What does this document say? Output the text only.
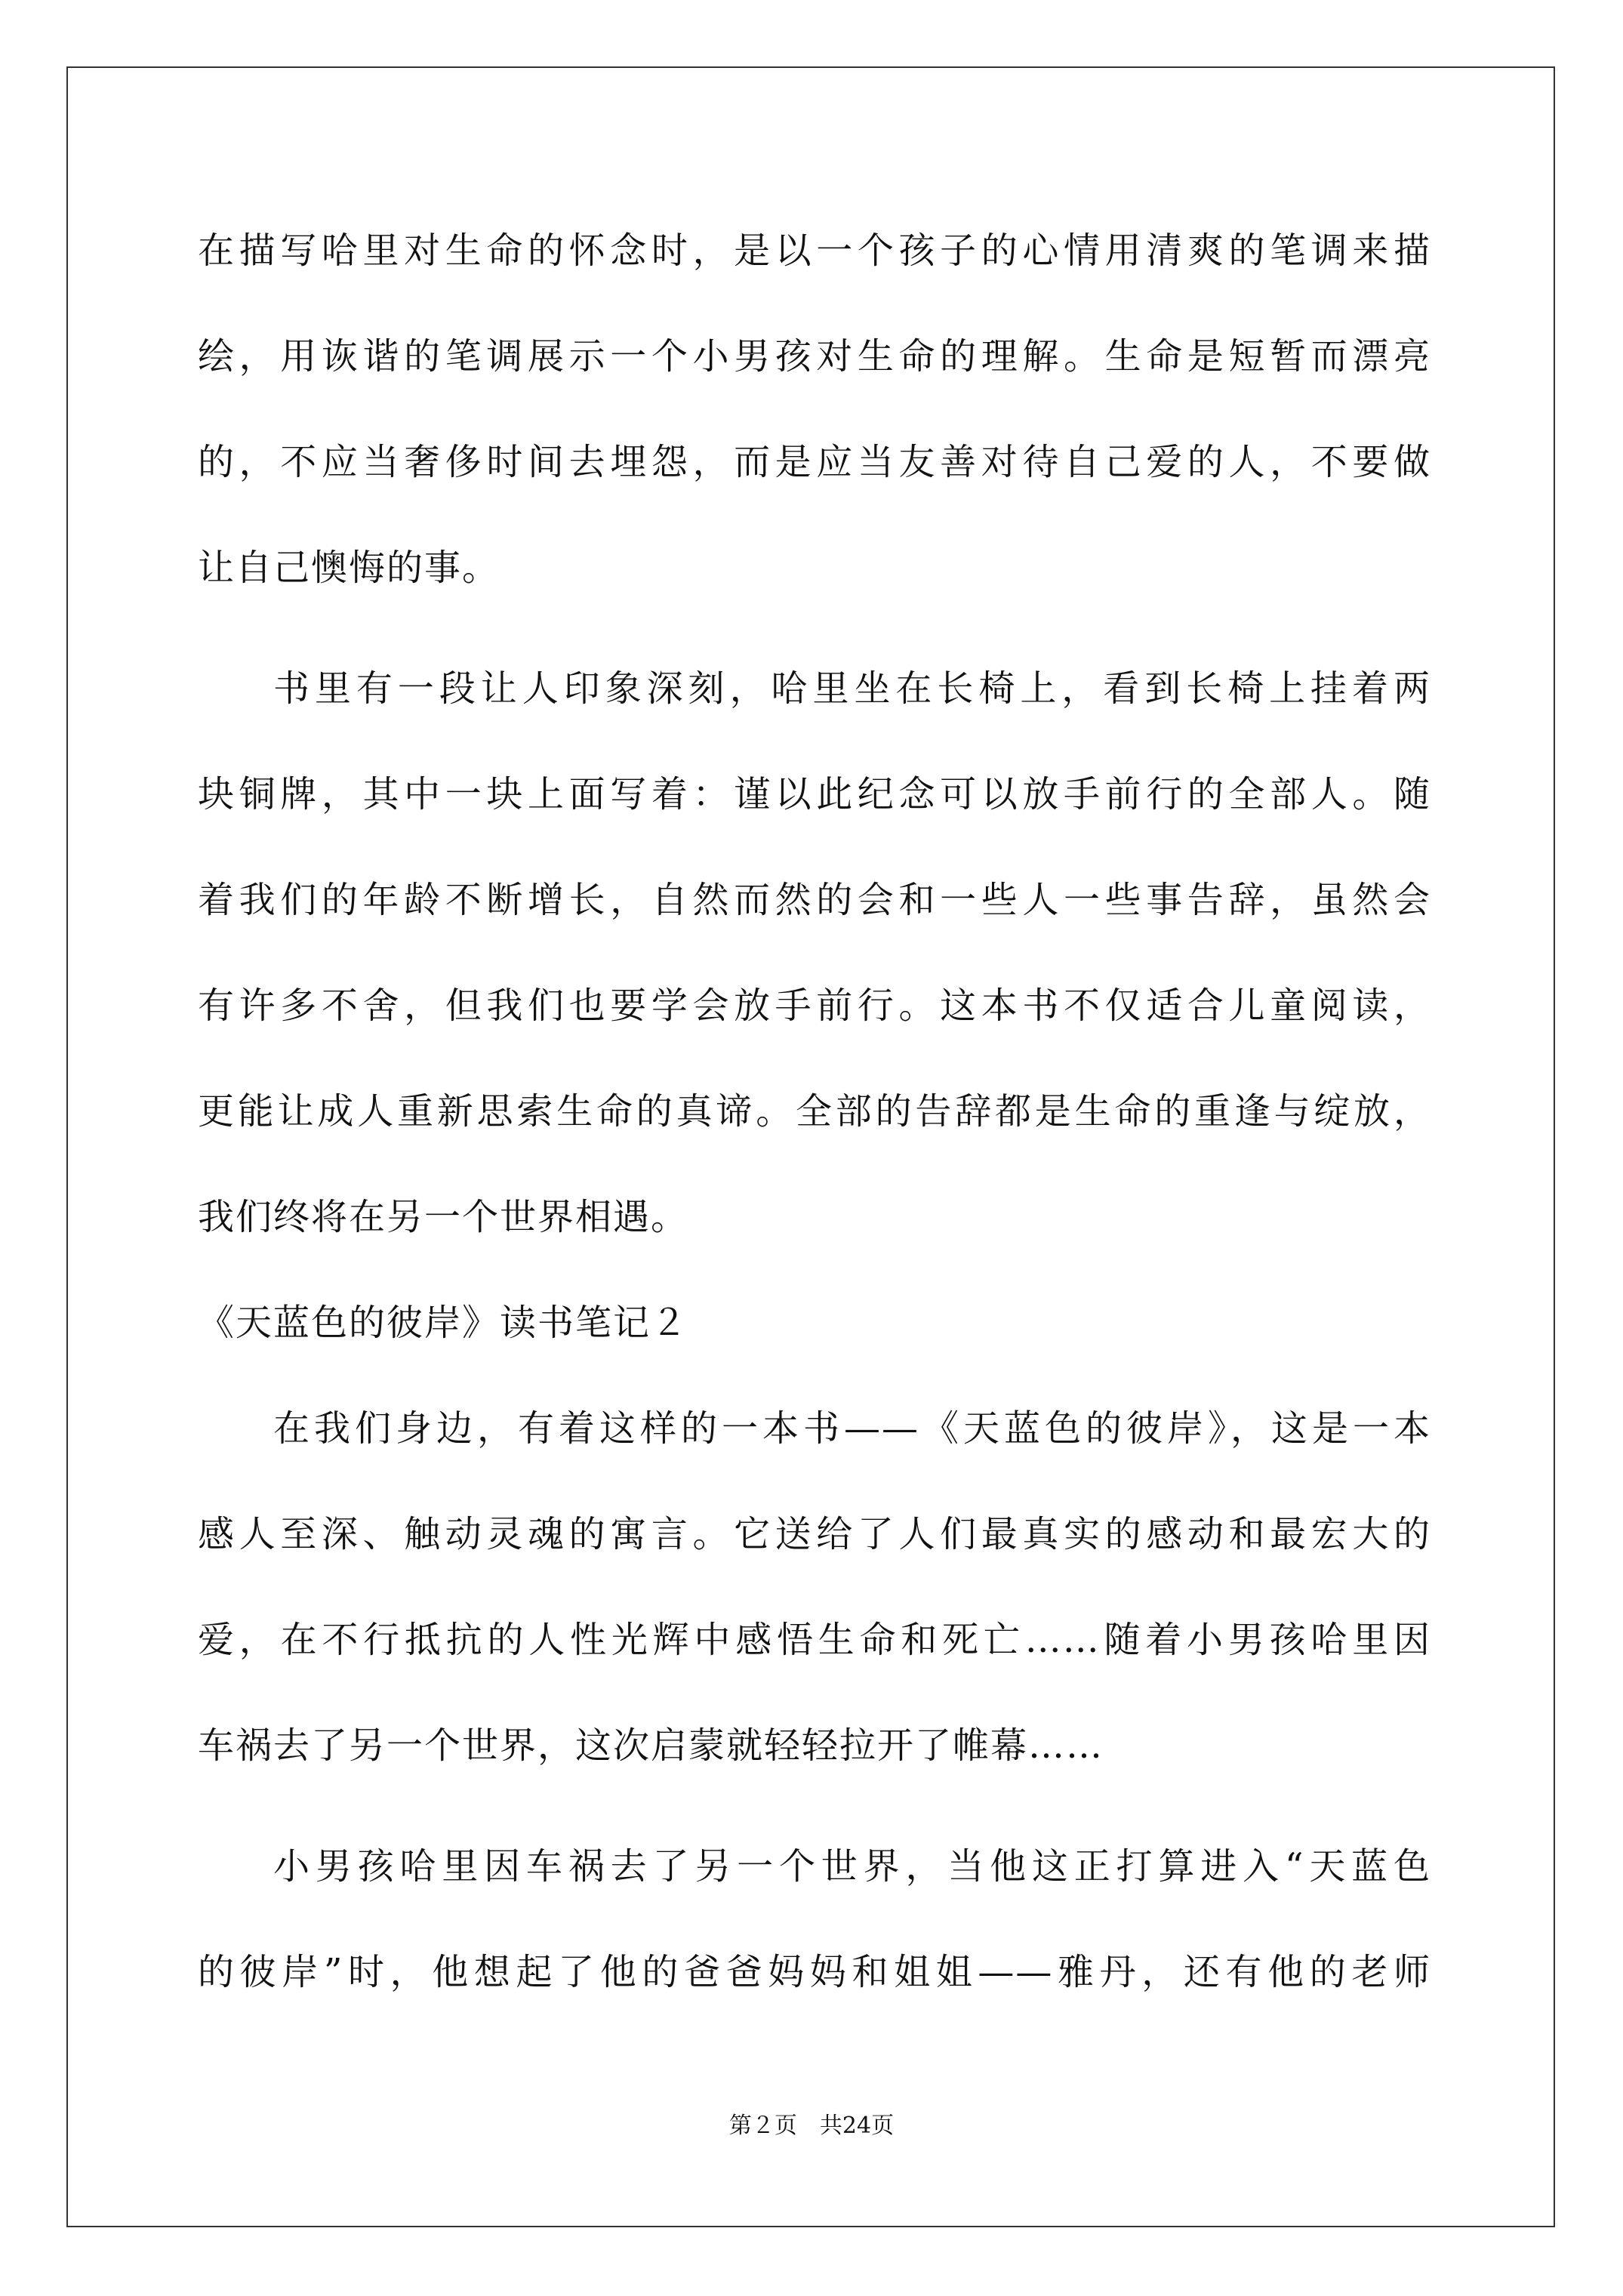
在描写哈里对生命的怀念时，是以一个孩子的心情用清爽的笔调来描
绘，用诙谐的笔调展示一个小男孩对生命的理解。生命是短暂而漂亮
的，不应当奢侈时间去埋怨，而是应当友善对待自己爱的人，不要做
让自己懊悔的事。
书里有一段让人印象深刻，哈里坐在长椅上，看到长椅上挂着两
块铜牌，其中一块上面写着：谨以此纪念可以放手前行的全部人。随
着我们的年龄不断增长，自然而然的会和一些人一些事告辞，虽然会
有许多不舍，但我们也要学会放手前行。这本书不仅适合儿童阅读，
更能让成人重新思索生命的真谛。全部的告辞都是生命的重逢与绽放，
我们终将在另一个世界相遇。
《天蓝色的彼岸》读书笔记２
在我们身边，有着这样的一本书——《天蓝色的彼岸》，这是一本
感人至深、触动灵魂的寓言。它送给了人们最真实的感动和最宏大的
爱，在不行抵抗的人性光辉中感悟生命和死亡……随着小男孩哈里因
车祸去了另一个世界，这次启蒙就轻轻拉开了帷幕……
小男孩哈里因车祸去了另一个世界，当他这正打算进入“天蓝色
的彼岸”时，他想起了他的爸爸妈妈和姐姐——雅丹，还有他的老师
第２页　共24页
